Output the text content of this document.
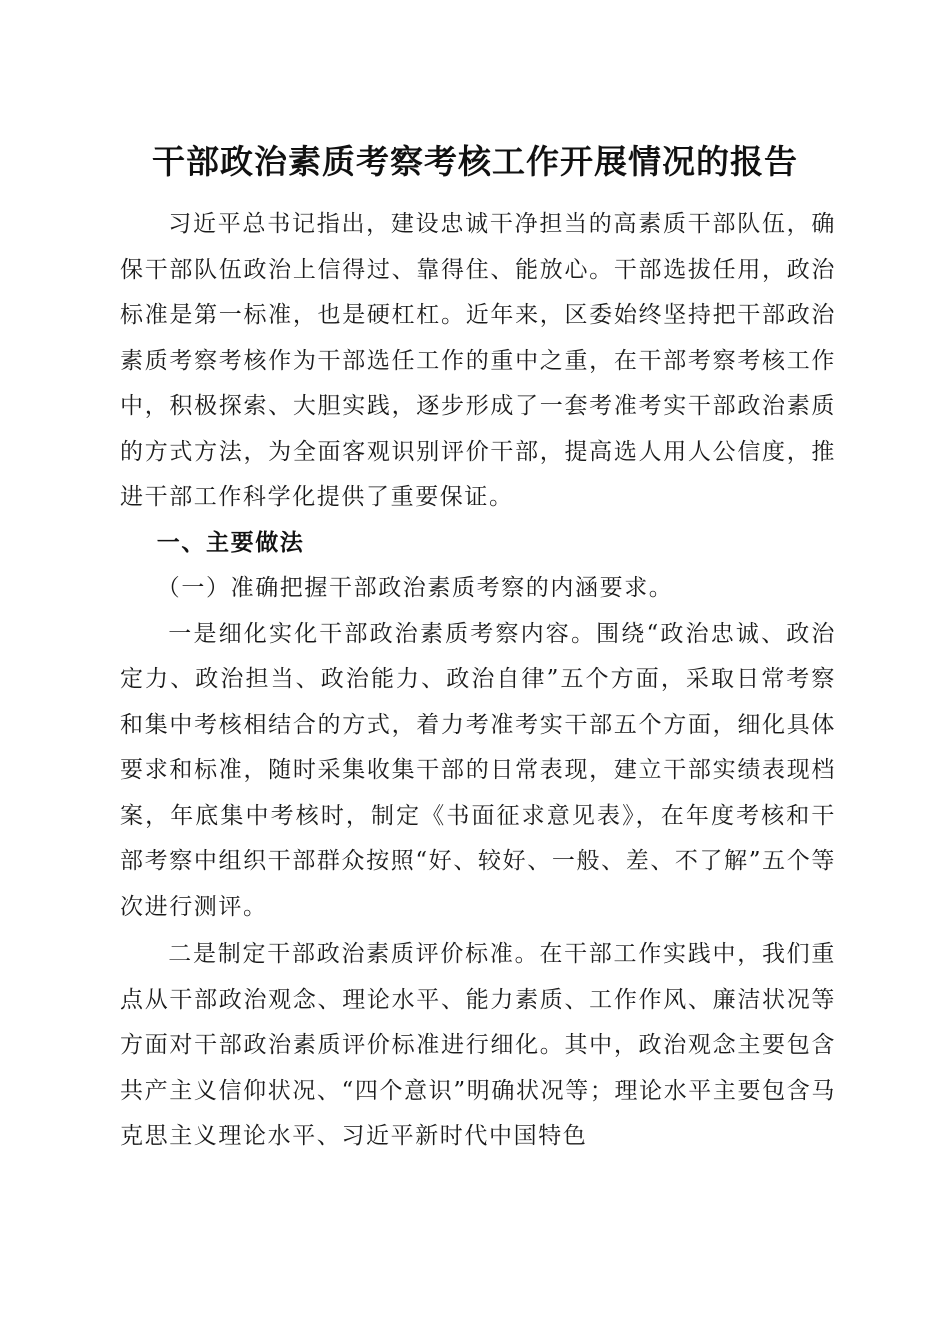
干部政治素质考察考核工作开展情况的报告

习近平总书记指出，建设忠诚干净担当的高素质干部队伍，确保干部队伍政治上信得过、靠得住、能放心。干部选拔任用，政治标准是第一标准，也是硬杠杠。近年来，区委始终坚持把干部政治素质考察考核作为干部选任工作的重中之重，在干部考察考核工作中，积极探索、大胆实践，逐步形成了一套考准考实干部政治素质的方式方法，为全面客观识别评价干部，提高选人用人公信度，推进干部工作科学化提供了重要保证。

一、主要做法

（一）准确把握干部政治素质考察的内涵要求。

一是细化实化干部政治素质考察内容。围绕“政治忠诚、政治定力、政治担当、政治能力、政治自律”五个方面，采取日常考察和集中考核相结合的方式，着力考准考实干部五个方面，细化具体要求和标准，随时采集收集干部的日常表现，建立干部实绩表现档案，年底集中考核时，制定《书面征求意见表》，在年度考核和干部考察中组织干部群众按照“好、较好、一般、差、不了解”五个等次进行测评。

二是制定干部政治素质评价标准。在干部工作实践中，我们重点从干部政治观念、理论水平、能力素质、工作作风、廉洁状况等方面对干部政治素质评价标准进行细化。其中，政治观念主要包含共产主义信仰状况、“四个意识”明确状况等；理论水平主要包含马克思主义理论水平、习近平新时代中国特色
